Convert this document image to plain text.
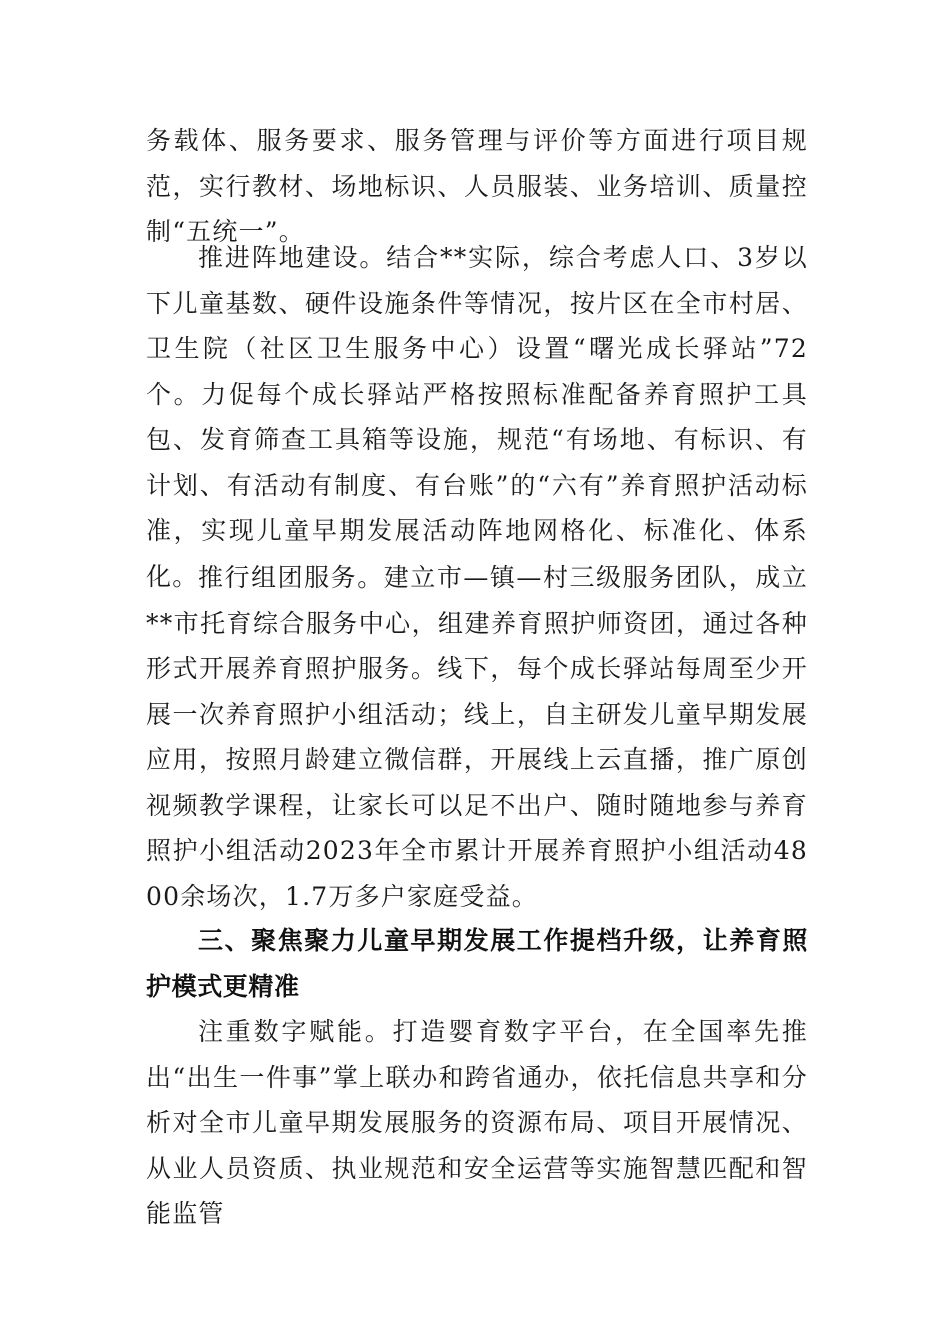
务载体、服务要求、服务管理与评价等方面进行项目规范，实行教材、场地标识、人员服装、业务培训、质量控制“五统一”。

推进阵地建设。结合**实际，综合考虑人口、3岁以下儿童基数、硬件设施条件等情况，按片区在全市村居、卫生院（社区卫生服务中心）设置“曙光成长驿站”72个。力促每个成长驿站严格按照标准配备养育照护工具包、发育筛查工具箱等设施，规范“有场地、有标识、有计划、有活动有制度、有台账”的“六有”养育照护活动标准，实现儿童早期发展活动阵地网格化、标准化、体系化。 推行组团服务。建立市—镇—村三级服务团队，成立**市托育综合服务中心，组建养育照护师资团，通过各种形式开展养育照护服务。线下，每个成长驿站每周至少开展一次养育照护小组活动；线上，自主研发儿童早期发展应用，按照月龄建立微信群，开展线上云直播，推广原创视频教学课程，让家长可以足不出户、随时随地参与养育照护小组活动2023年全市累计开展养育照护小组活动4800余场次，1.7万多户家庭受益。

三、聚焦聚力儿童早期发展工作提档升级，让养育照护模式更精准

注重数字赋能。打造婴育数字平台，在全国率先推出“出生一件事”掌上联办和跨省通办，依托信息共享和分析对全市儿童早期发展服务的资源布局、项目开展情况、从业人员资质、执业规范和安全运营等实施智慧匹配和智能监管
